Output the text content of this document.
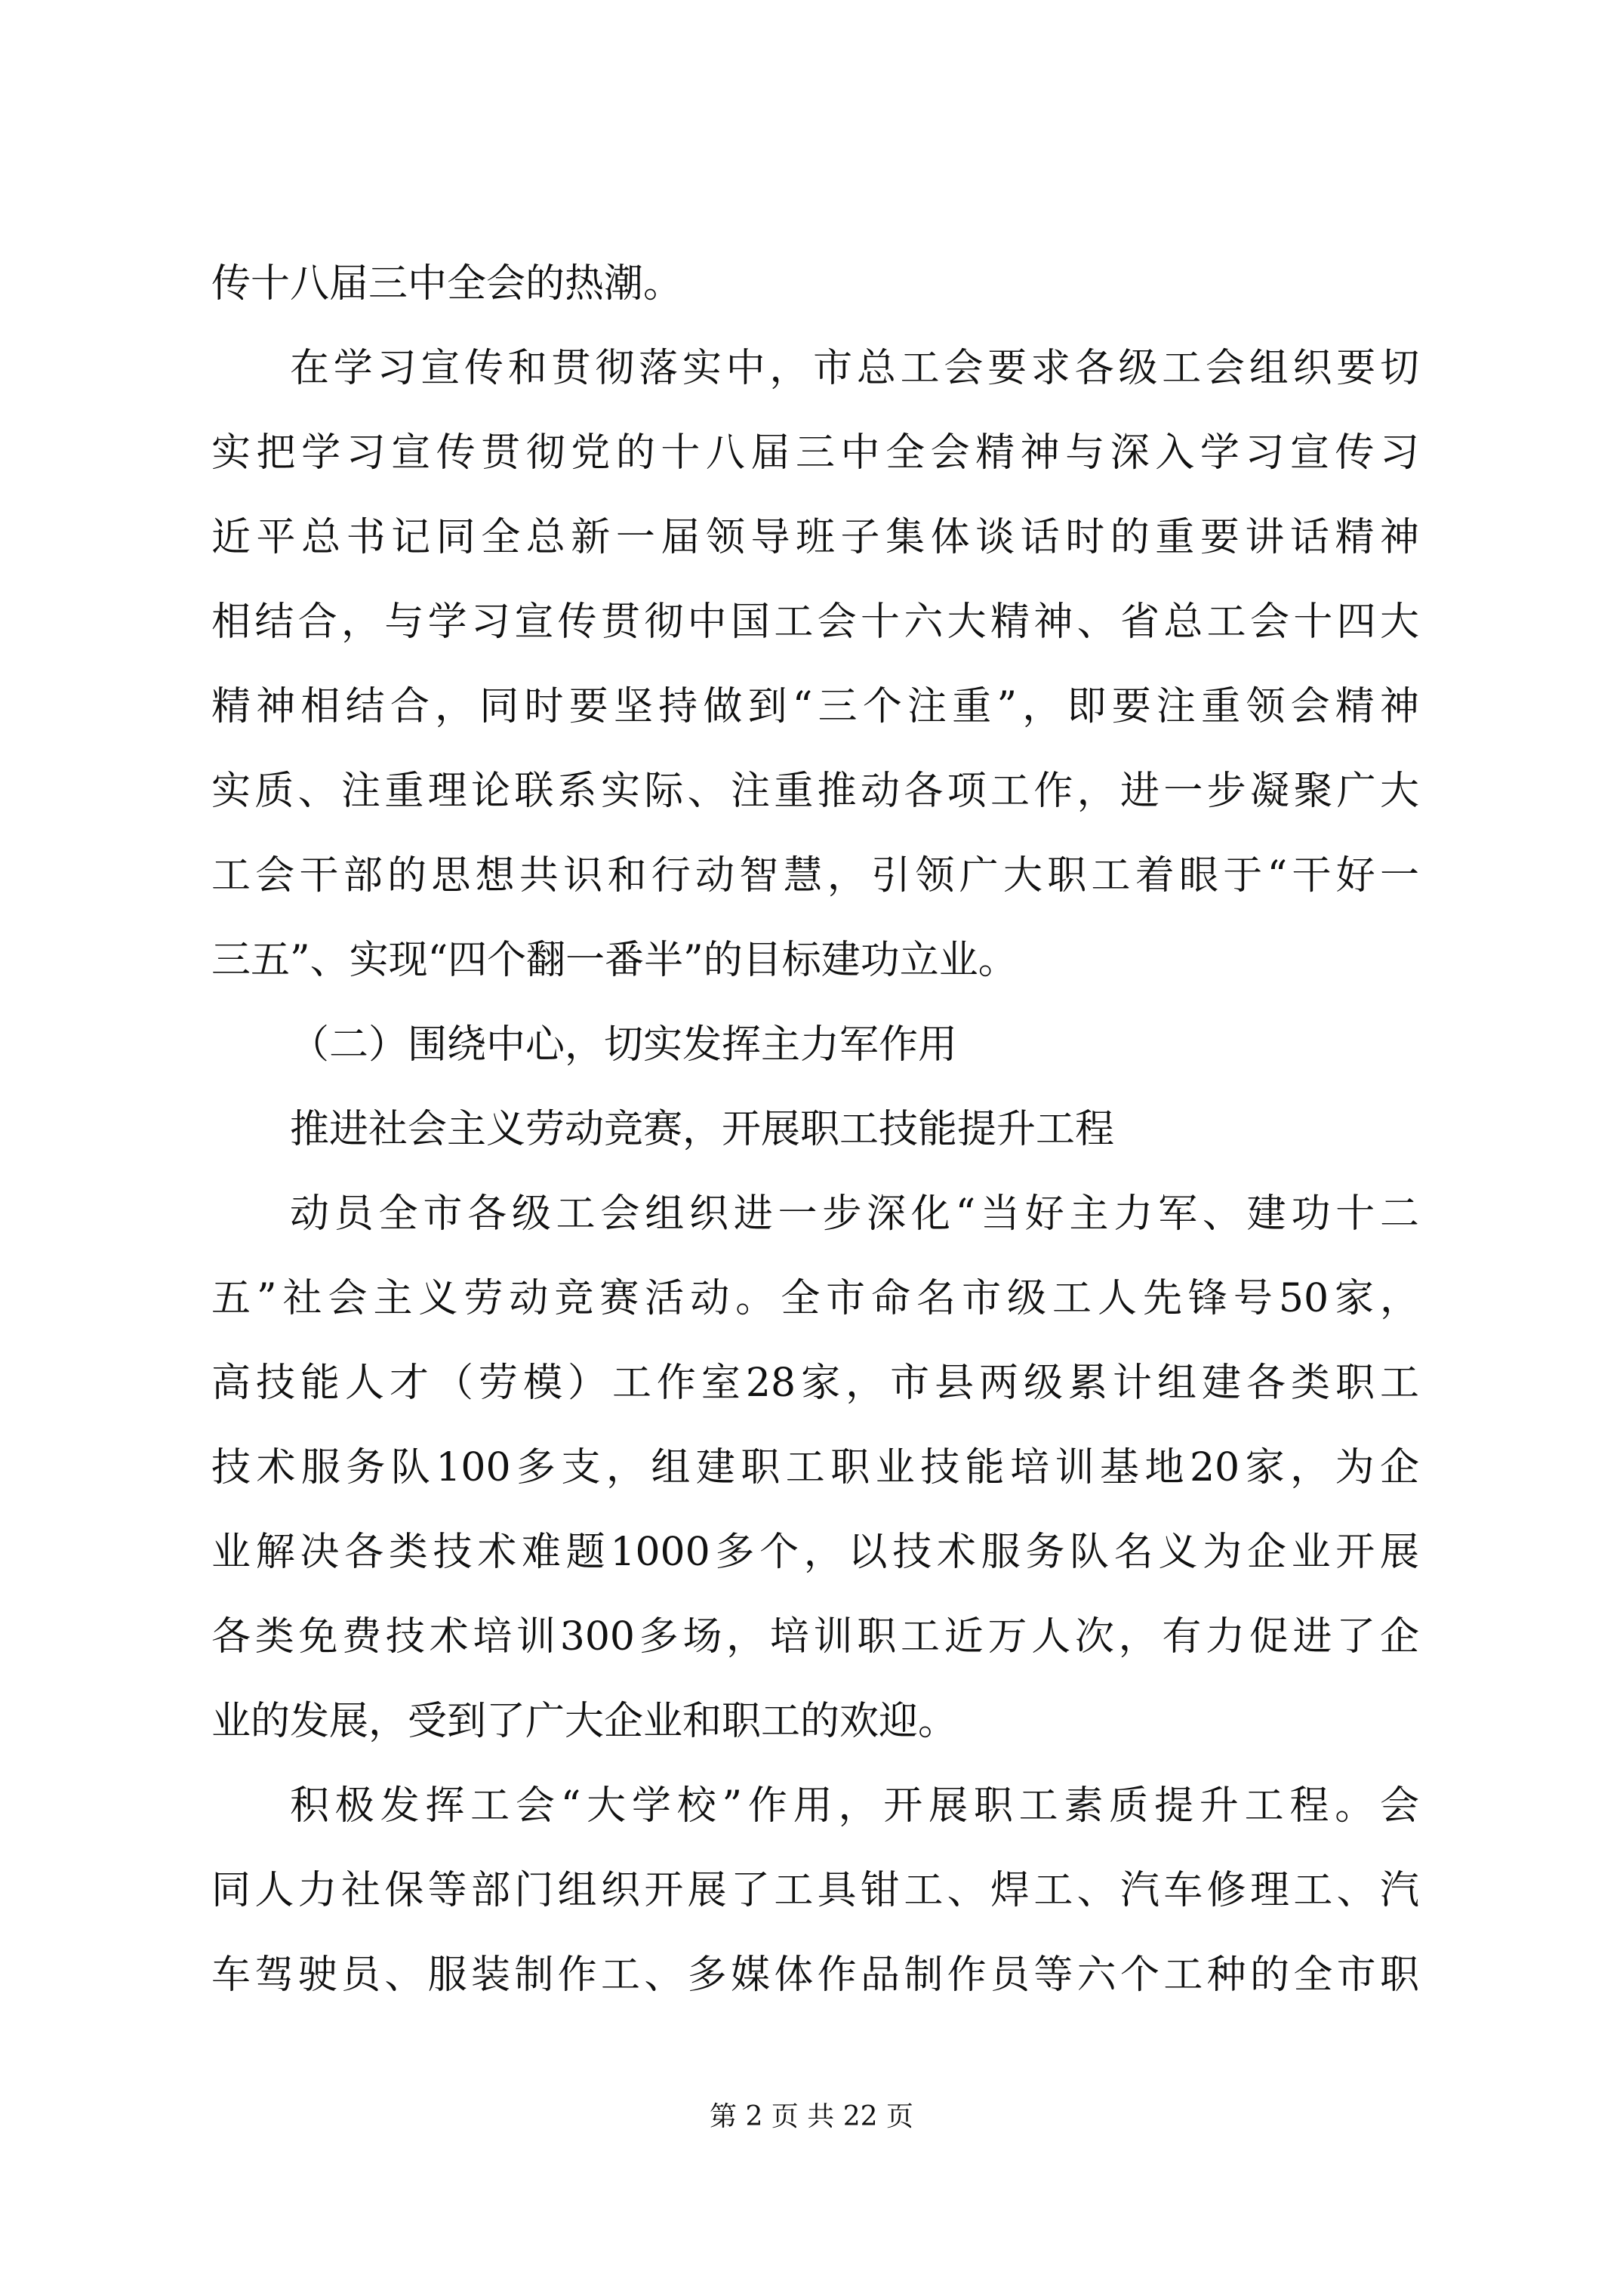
传十八届三中全会的热潮。
在学习宣传和贯彻落实中，市总工会要求各级工会组织要切
实把学习宣传贯彻党的十八届三中全会精神与深入学习宣传习
近平总书记同全总新一届领导班子集体谈话时的重要讲话精神
相结合，与学习宣传贯彻中国工会十六大精神、省总工会十四大
精神相结合，同时要坚持做到“三个注重”，即要注重领会精神
实质、注重理论联系实际、注重推动各项工作，进一步凝聚广大
工会干部的思想共识和行动智慧，引领广大职工着眼于“干好一
三五”、实现“四个翻一番半”的目标建功立业。
（二）围绕中心，切实发挥主力军作用
推进社会主义劳动竞赛，开展职工技能提升工程
动员全市各级工会组织进一步深化“当好主力军、建功十二
五”社会主义劳动竞赛活动。全市命名市级工人先锋号50家，
高技能人才（劳模）工作室28家，市县两级累计组建各类职工
技术服务队100多支，组建职工职业技能培训基地20家，为企
业解决各类技术难题1000多个，以技术服务队名义为企业开展
各类免费技术培训300多场，培训职工近万人次，有力促进了企
业的发展，受到了广大企业和职工的欢迎。
积极发挥工会“大学校”作用，开展职工素质提升工程。会
同人力社保等部门组织开展了工具钳工、焊工、汽车修理工、汽
车驾驶员、服装制作工、多媒体作品制作员等六个工种的全市职
第 2 页 共 22 页
